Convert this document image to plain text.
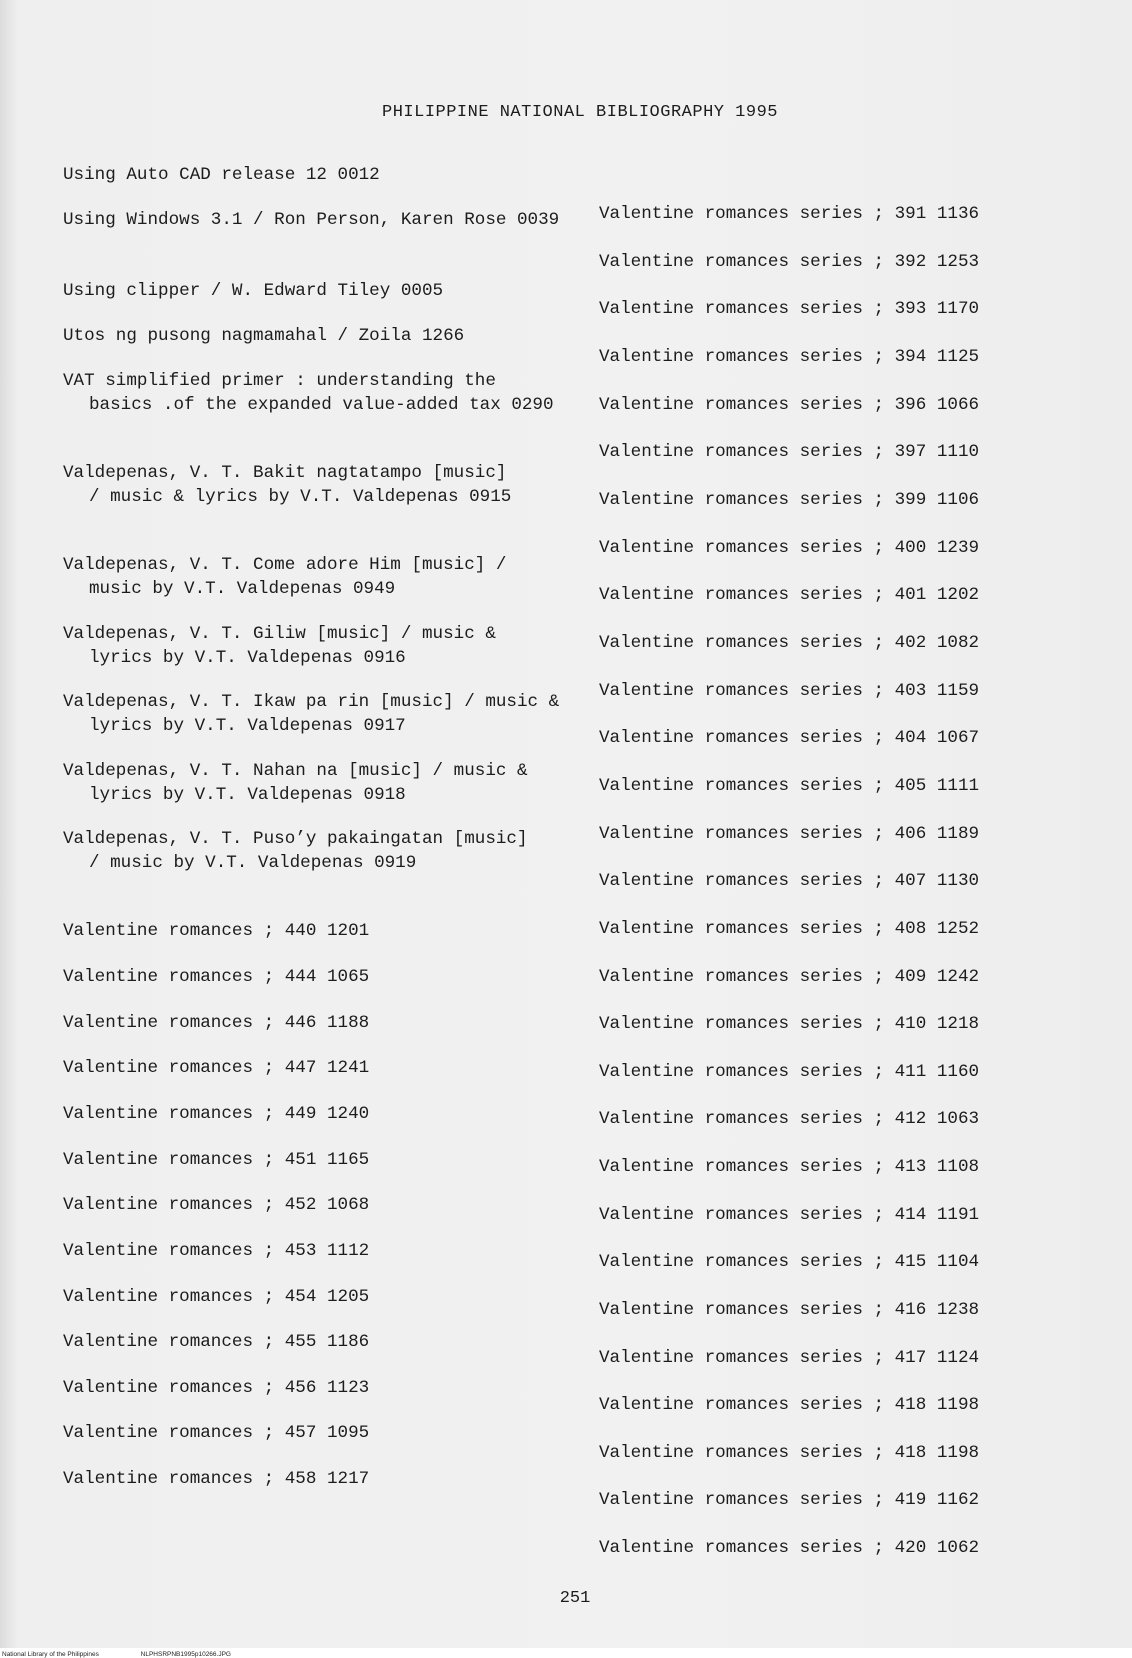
PHILIPPINE NATIONAL BIBLIOGRAPHY 1995
Using Auto CAD release 12 0012
Using Windows 3.1 / Ron Person, Karen Rose 0039
Using clipper / W. Edward Tiley 0005
Utos ng pusong nagmamahal / Zoila 1266
VAT simplified primer : understanding the basics .of the expanded value-added tax 0290
Valdepenas, V. T. Bakit nagtatampo [music] / music & lyrics by V.T. Valdepenas 0915
Valdepenas, V. T. Come adore Him [music] / music by V.T. Valdepenas 0949
Valdepenas, V. T. Giliw [music] / music & lyrics by V.T. Valdepenas 0916
Valdepenas, V. T. Ikaw pa rin [music] / music & lyrics by V.T. Valdepenas 0917
Valdepenas, V. T. Nahan na [music] / music & lyrics by V.T. Valdepenas 0918
Valdepenas, V. T. Puso’y pakaingatan [music] / music by V.T. Valdepenas 0919
Valentine romances ; 440 1201
Valentine romances ; 444 1065
Valentine romances ; 446 1188
Valentine romances ; 447 1241
Valentine romances ; 449 1240
Valentine romances ; 451 1165
Valentine romances ; 452 1068
Valentine romances ; 453 1112
Valentine romances ; 454 1205
Valentine romances ; 455 1186
Valentine romances ; 456 1123
Valentine romances ; 457 1095
Valentine romances ; 458 1217
Valentine romances series ; 391 1136
Valentine romances series ; 392 1253
Valentine romances series ; 393 1170
Valentine romances series ; 394 1125
Valentine romances series ; 396 1066
Valentine romances series ; 397 1110
Valentine romances series ; 399 1106
Valentine romances series ; 400 1239
Valentine romances series ; 401 1202
Valentine romances series ; 402 1082
Valentine romances series ; 403 1159
Valentine romances series ; 404 1067
Valentine romances series ; 405 1111
Valentine romances series ; 406 1189
Valentine romances series ; 407 1130
Valentine romances series ; 408 1252
Valentine romances series ; 409 1242
Valentine romances series ; 410 1218
Valentine romances series ; 411 1160
Valentine romances series ; 412 1063
Valentine romances series ; 413 1108
Valentine romances series ; 414 1191
Valentine romances series ; 415 1104
Valentine romances series ; 416 1238
Valentine romances series ; 417 1124
Valentine romances series ; 418 1198
Valentine romances series ; 418 1198
Valentine romances series ; 419 1162
Valentine romances series ; 420 1062
251
National Library of the Philippines	NLPHSRPNB1995p10266.JPG
